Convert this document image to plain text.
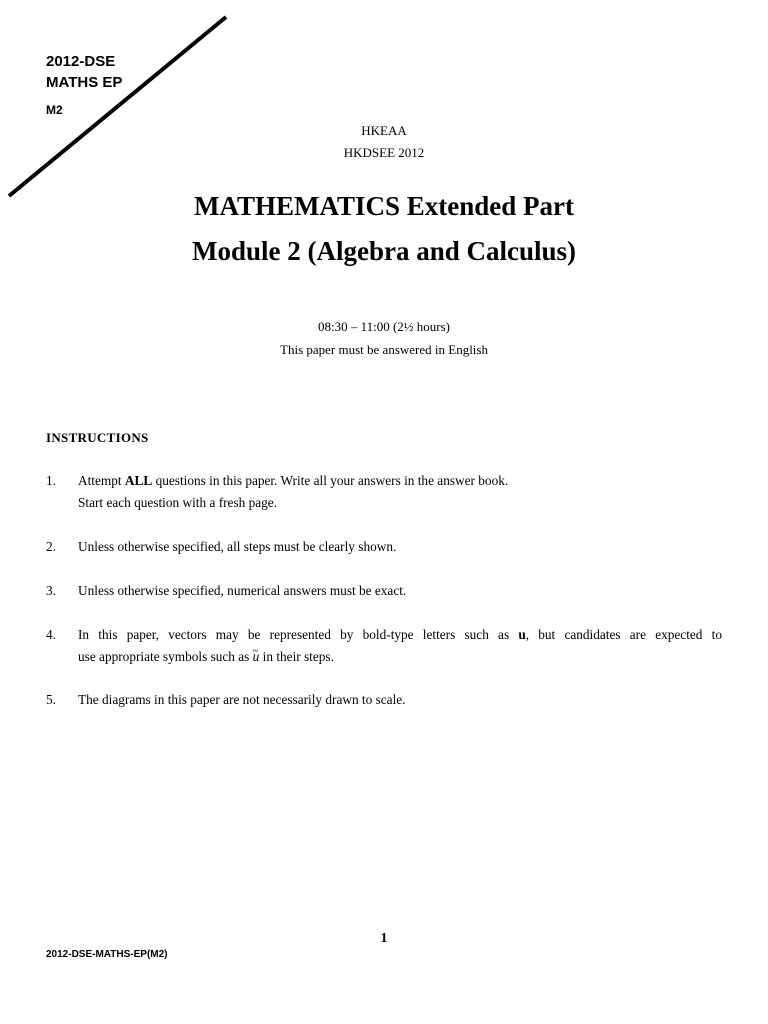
2012-DSE
MATHS EP
M2
HKEAA
HKDSEE 2012
MATHEMATICS Extended Part
Module 2 (Algebra and Calculus)
08:30 – 11:00 (2½ hours)
This paper must be answered in English
INSTRUCTIONS
1. Attempt ALL questions in this paper. Write all your answers in the answer book.
Start each question with a fresh page.
2. Unless otherwise specified, all steps must be clearly shown.
3. Unless otherwise specified, numerical answers must be exact.
4. In this paper, vectors may be represented by bold-type letters such as u, but candidates are expected to
use appropriate symbols such as u ~ in their steps.
5. The diagrams in this paper are not necessarily drawn to scale.
1
2012-DSE-MATHS-EP(M2)
